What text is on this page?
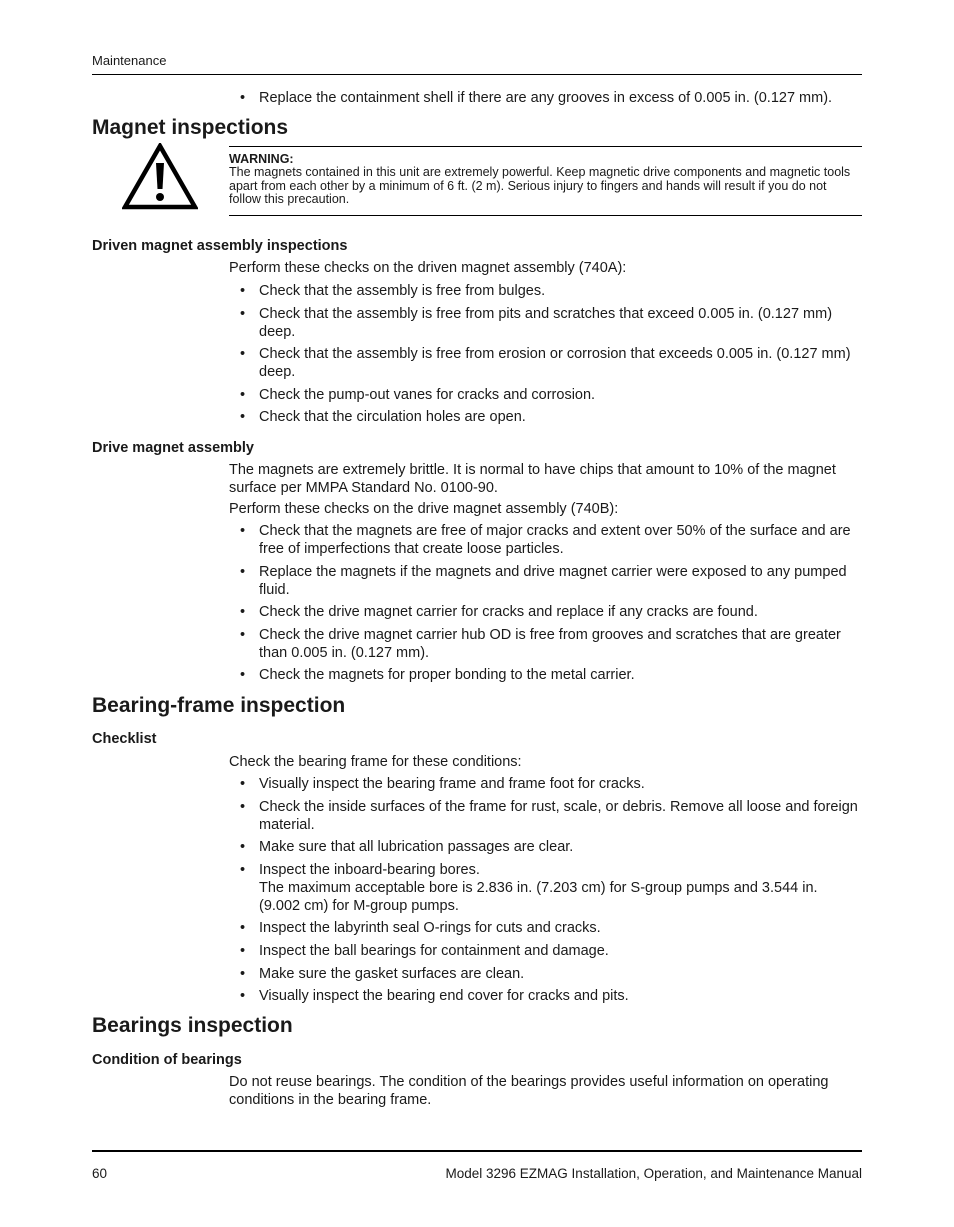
Maintenance
• Replace the containment shell if there are any grooves in excess of 0.005 in. (0.127 mm).
Magnet inspections
WARNING:
The magnets contained in this unit are extremely powerful. Keep magnetic drive components and magnetic tools apart from each other by a minimum of 6 ft. (2 m). Serious injury to fingers and hands will result if you do not follow this precaution.
Driven magnet assembly inspections
Perform these checks on the driven magnet assembly (740A):
• Check that the assembly is free from bulges.
• Check that the assembly is free from pits and scratches that exceed 0.005 in. (0.127 mm) deep.
• Check that the assembly is free from erosion or corrosion that exceeds 0.005 in. (0.127 mm) deep.
• Check the pump-out vanes for cracks and corrosion.
• Check that the circulation holes are open.
Drive magnet assembly
The magnets are extremely brittle. It is normal to have chips that amount to 10% of the magnet surface per MMPA Standard No. 0100-90.
Perform these checks on the drive magnet assembly (740B):
• Check that the magnets are free of major cracks and extent over 50% of the surface and are free of imperfections that create loose particles.
• Replace the magnets if the magnets and drive magnet carrier were exposed to any pumped fluid.
• Check the drive magnet carrier for cracks and replace if any cracks are found.
• Check the drive magnet carrier hub OD is free from grooves and scratches that are greater than 0.005 in. (0.127 mm).
• Check the magnets for proper bonding to the metal carrier.
Bearing-frame inspection
Checklist
Check the bearing frame for these conditions:
• Visually inspect the bearing frame and frame foot for cracks.
• Check the inside surfaces of the frame for rust, scale, or debris. Remove all loose and foreign material.
• Make sure that all lubrication passages are clear.
• Inspect the inboard-bearing bores.
The maximum acceptable bore is 2.836 in. (7.203 cm) for S-group pumps and 3.544 in. (9.002 cm) for M-group pumps.
• Inspect the labyrinth seal O-rings for cuts and cracks.
• Inspect the ball bearings for containment and damage.
• Make sure the gasket surfaces are clean.
• Visually inspect the bearing end cover for cracks and pits.
Bearings inspection
Condition of bearings
Do not reuse bearings. The condition of the bearings provides useful information on operating conditions in the bearing frame.
60	Model 3296 EZMAG Installation, Operation, and Maintenance Manual
